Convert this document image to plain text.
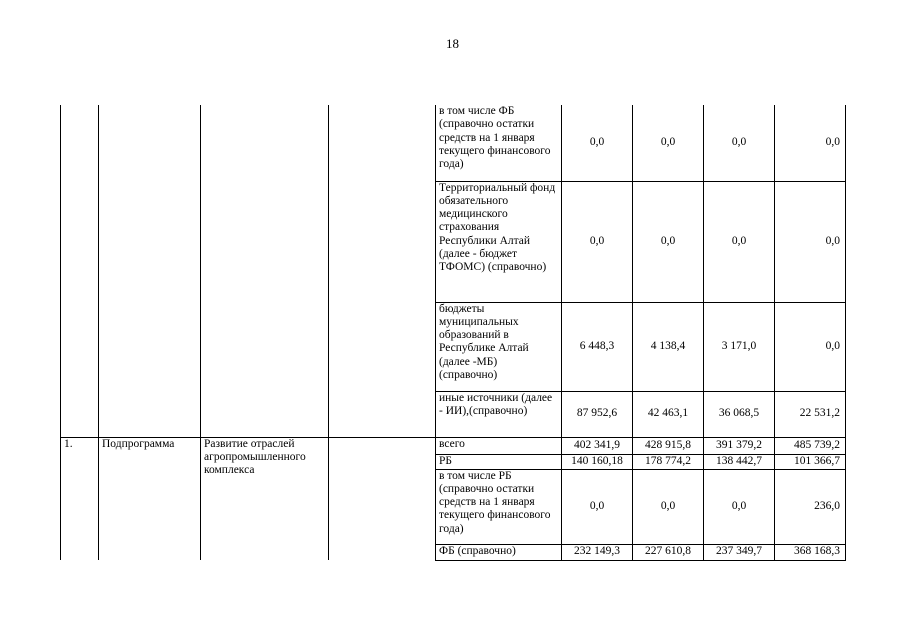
18
				в том числе ФБ (справочно остатки средств на 1 января текущего финансового года)	0,0	0,0	0,0	0,0
				Территориальный фонд обязательного медицинского страхования Республики Алтай (далее - бюджет ТФОМС) (справочно)	0,0	0,0	0,0	0,0
				бюджеты муниципальных образований в Республике Алтай (далее -МБ) (справочно)	6 448,3	4 138,4	3 171,0	0,0
				иные источники (далее - ИИ),(справочно)	87 952,6	42 463,1	36 068,5	22 531,2
1.	Подпрограмма	Развитие отраслей агропромышленного комплекса		всего	402 341,9	428 915,8	391 379,2	485 739,2
				РБ	140 160,18	178 774,2	138 442,7	101 366,7
				в том числе РБ (справочно остатки средств на 1 января текущего финансового года)	0,0	0,0	0,0	236,0
				ФБ (справочно)	232 149,3	227 610,8	237 349,7	368 168,3
